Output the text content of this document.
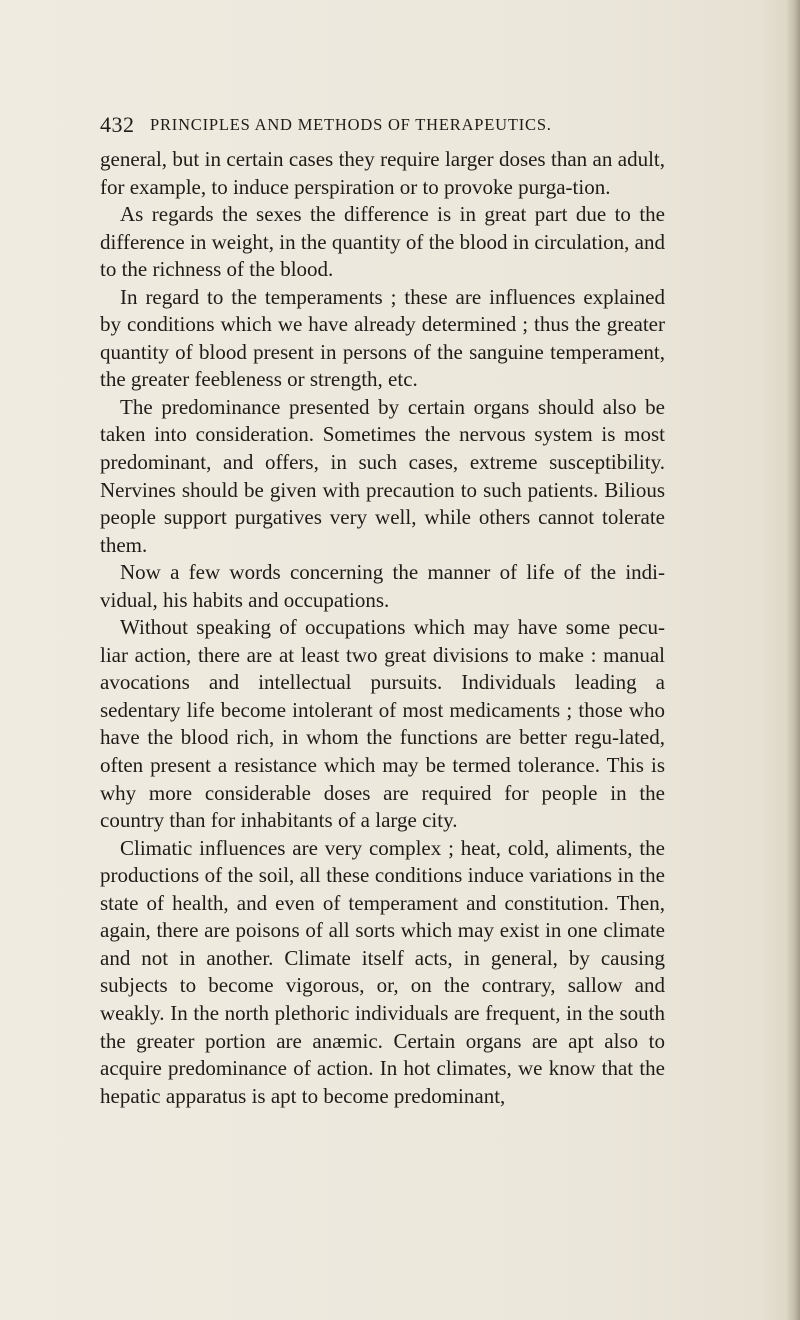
432 PRINCIPLES AND METHODS OF THERAPEUTICS.

general, but in certain cases they require larger doses than an adult, for example, to induce perspiration or to provoke purga-tion.

As regards the sexes the difference is in great part due to the difference in weight, in the quantity of the blood in circulation, and to the richness of the blood.

In regard to the temperaments ; these are influences explained by conditions which we have already determined ; thus the greater quantity of blood present in persons of the sanguine temperament, the greater feebleness or strength, etc.

The predominance presented by certain organs should also be taken into consideration. Sometimes the nervous system is most predominant, and offers, in such cases, extreme susceptibility. Nervines should be given with precaution to such patients. Bilious people support purgatives very well, while others cannot tolerate them.

Now a few words concerning the manner of life of the indi-vidual, his habits and occupations.

Without speaking of occupations which may have some pecu-liar action, there are at least two great divisions to make : manual avocations and intellectual pursuits. Individuals leading a sedentary life become intolerant of most medicaments ; those who have the blood rich, in whom the functions are better regu-lated, often present a resistance which may be termed tolerance. This is why more considerable doses are required for people in the country than for inhabitants of a large city.

Climatic influences are very complex ; heat, cold, aliments, the productions of the soil, all these conditions induce variations in the state of health, and even of temperament and constitution. Then, again, there are poisons of all sorts which may exist in one climate and not in another. Climate itself acts, in general, by causing subjects to become vigorous, or, on the contrary, sallow and weakly. In the north plethoric individuals are frequent, in the south the greater portion are anæmic. Certain organs are apt also to acquire predominance of action. In hot climates, we know that the hepatic apparatus is apt to become predominant,
